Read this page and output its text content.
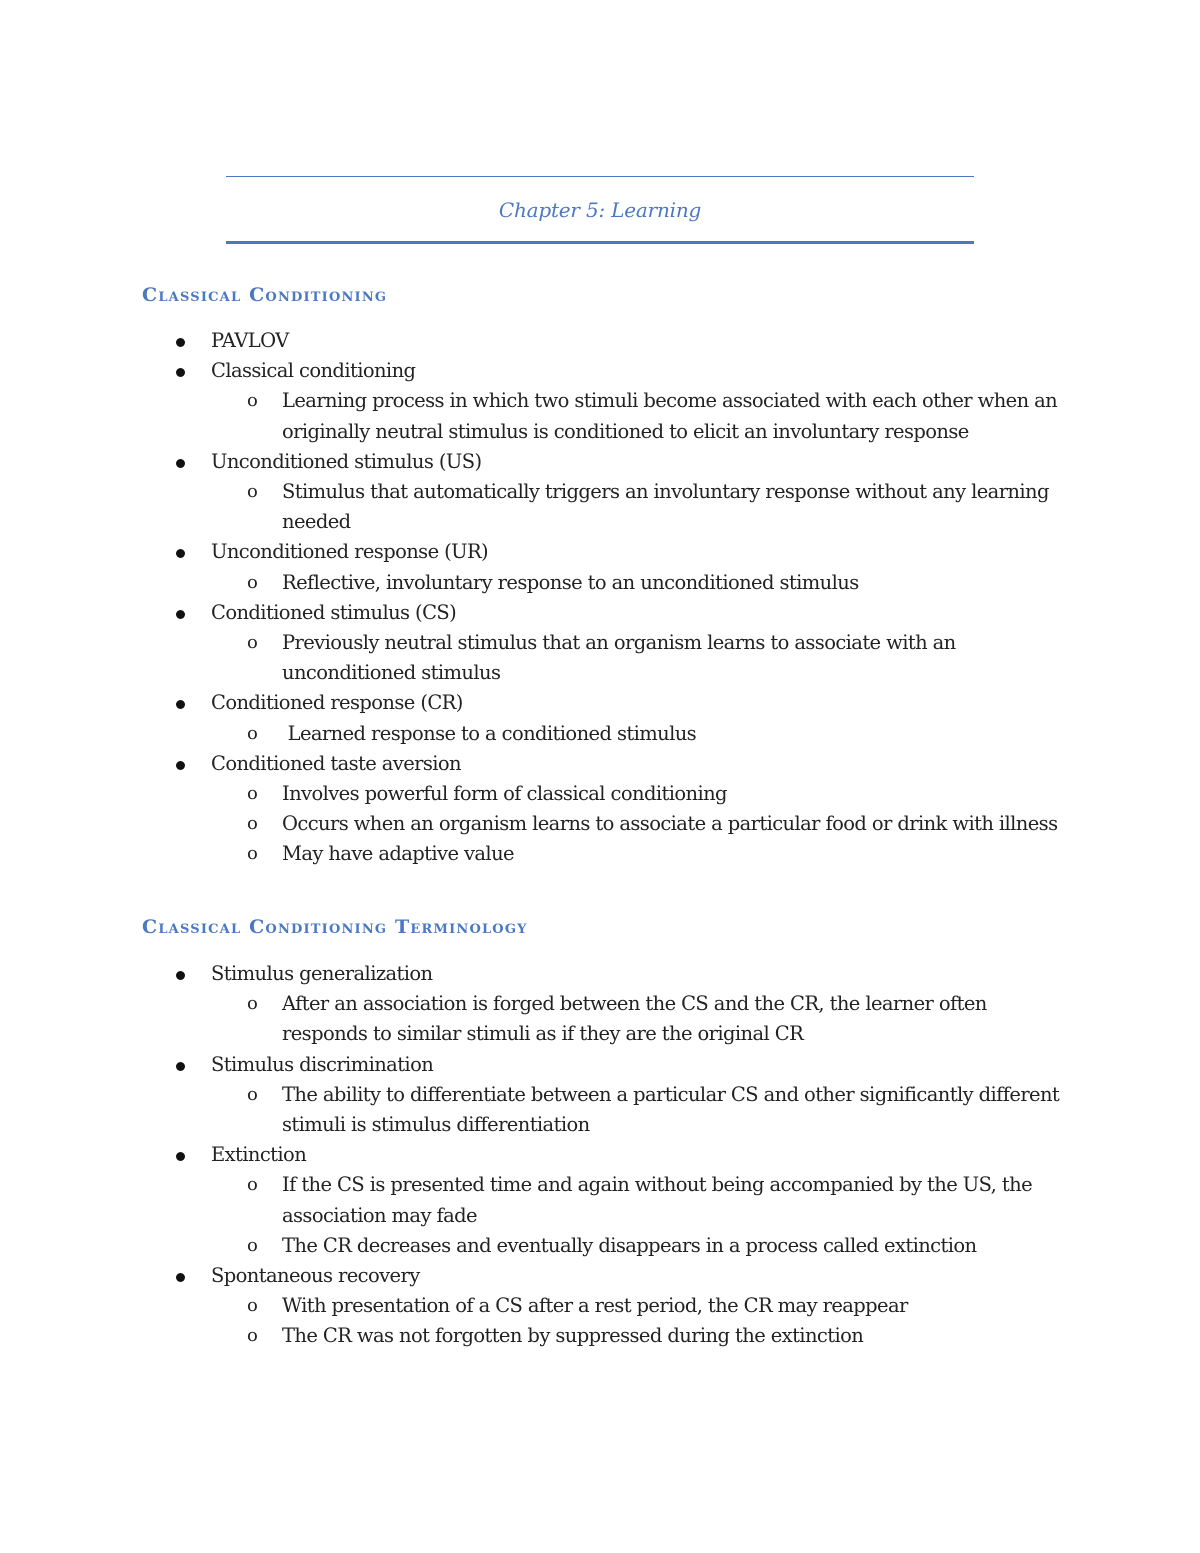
Chapter 5: Learning
Classical Conditioning
PAVLOV
Classical conditioning
o Learning process in which two stimuli become associated with each other when an originally neutral stimulus is conditioned to elicit an involuntary response
Unconditioned stimulus (US)
o Stimulus that automatically triggers an involuntary response without any learning needed
Unconditioned response (UR)
o Reflective, involuntary response to an unconditioned stimulus
Conditioned stimulus (CS)
o Previously neutral stimulus that an organism learns to associate with an unconditioned stimulus
Conditioned response (CR)
o Learned response to a conditioned stimulus
Conditioned taste aversion
o Involves powerful form of classical conditioning
o Occurs when an organism learns to associate a particular food or drink with illness
o May have adaptive value
Classical Conditioning Terminology
Stimulus generalization
o After an association is forged between the CS and the CR, the learner often responds to similar stimuli as if they are the original CR
Stimulus discrimination
o The ability to differentiate between a particular CS and other significantly different stimuli is stimulus differentiation
Extinction
o If the CS is presented time and again without being accompanied by the US, the association may fade
o The CR decreases and eventually disappears in a process called extinction
Spontaneous recovery
o With presentation of a CS after a rest period, the CR may reappear
o The CR was not forgotten by suppressed during the extinction
